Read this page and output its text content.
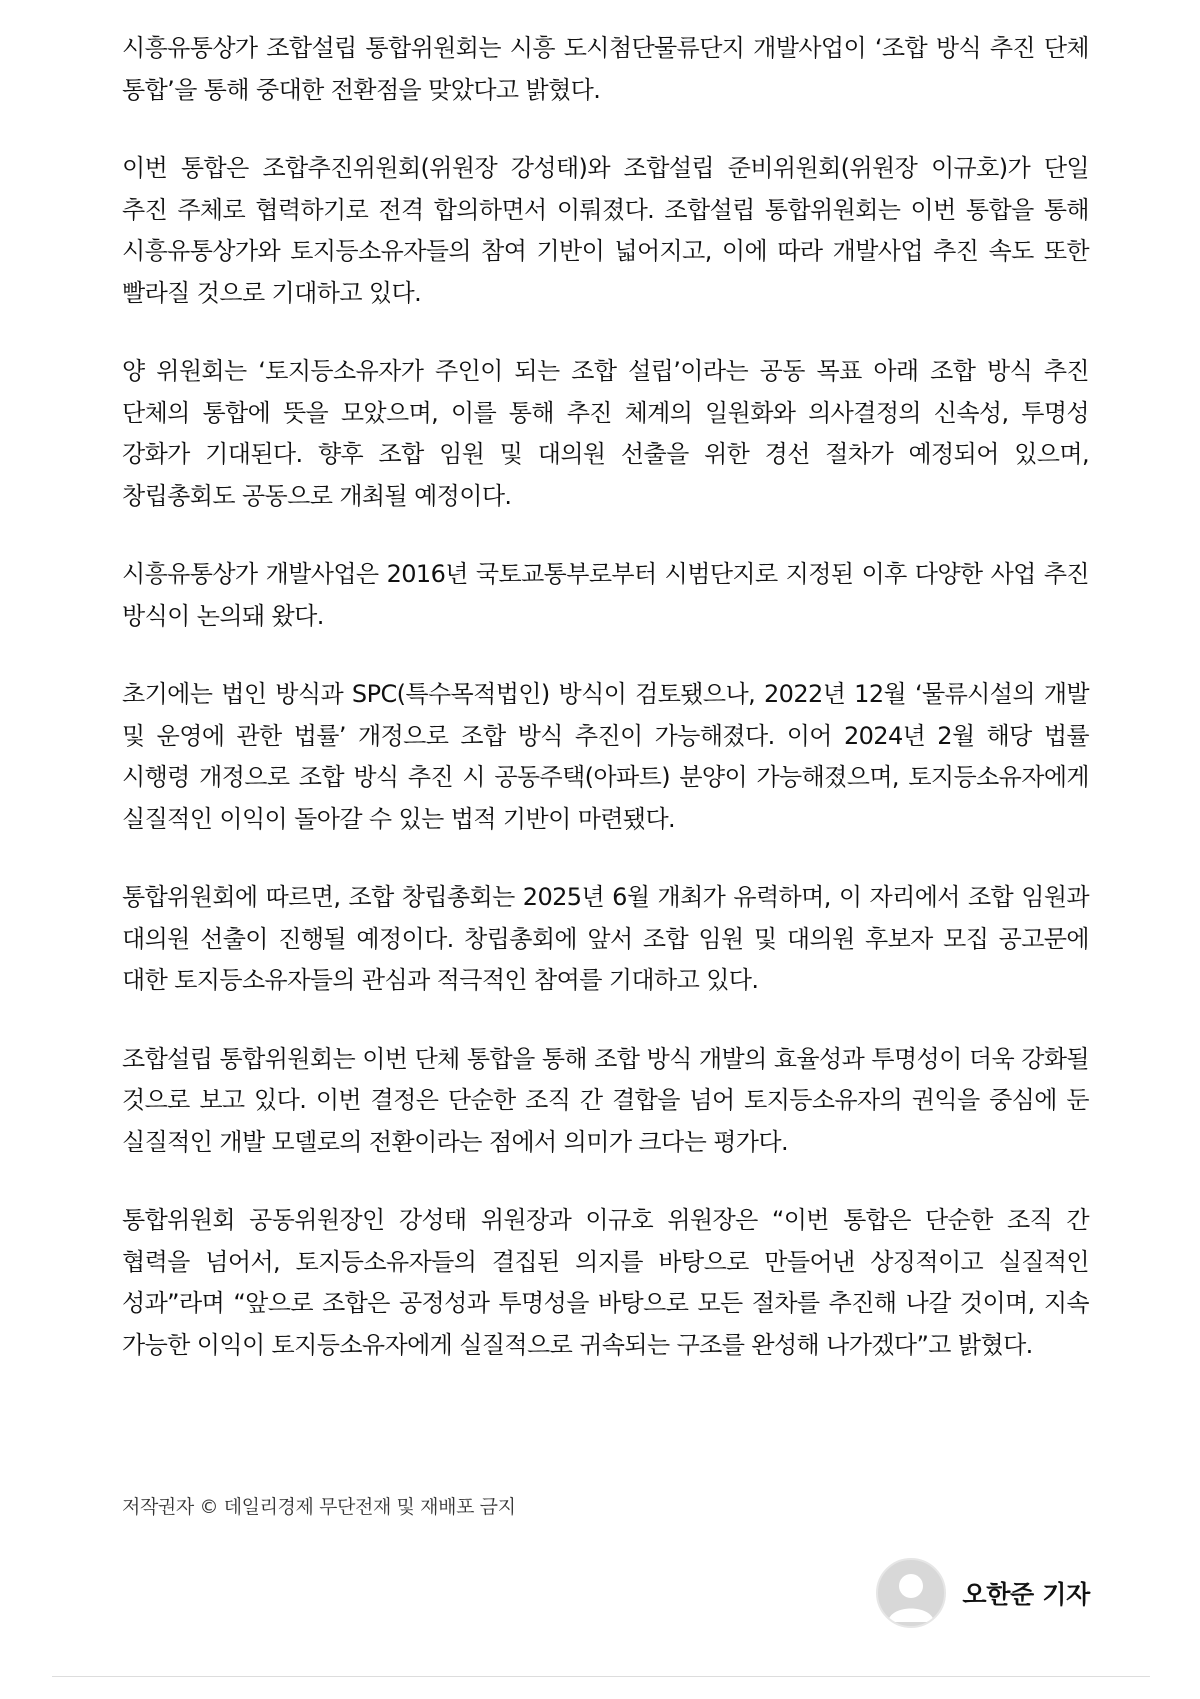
시흥유통상가 조합설립 통합위원회는 시흥 도시첨단물류단지 개발사업이 ‘조합 방식 추진 단체 통합’을 통해 중대한 전환점을 맞았다고 밝혔다.

이번 통합은 조합추진위원회(위원장 강성태)와 조합설립 준비위원회(위원장 이규호)가 단일 추진 주체로 협력하기로 전격 합의하면서 이뤄졌다. 조합설립 통합위원회는 이번 통합을 통해 시흥유통상가와 토지등소유자들의 참여 기반이 넓어지고, 이에 따라 개발사업 추진 속도 또한 빨라질 것으로 기대하고 있다.

양 위원회는 ‘토지등소유자가 주인이 되는 조합 설립’이라는 공동 목표 아래 조합 방식 추진 단체의 통합에 뜻을 모았으며, 이를 통해 추진 체계의 일원화와 의사결정의 신속성, 투명성 강화가 기대된다. 향후 조합 임원 및 대의원 선출을 위한 경선 절차가 예정되어 있으며, 창립총회도 공동으로 개최될 예정이다.

시흥유통상가 개발사업은 2016년 국토교통부로부터 시범단지로 지정된 이후 다양한 사업 추진 방식이 논의돼 왔다.

초기에는 법인 방식과 SPC(특수목적법인) 방식이 검토됐으나, 2022년 12월 ‘물류시설의 개발 및 운영에 관한 법률’ 개정으로 조합 방식 추진이 가능해졌다. 이어 2024년 2월 해당 법률 시행령 개정으로 조합 방식 추진 시 공동주택(아파트) 분양이 가능해졌으며, 토지등소유자에게 실질적인 이익이 돌아갈 수 있는 법적 기반이 마련됐다.

통합위원회에 따르면, 조합 창립총회는 2025년 6월 개최가 유력하며, 이 자리에서 조합 임원과 대의원 선출이 진행될 예정이다. 창립총회에 앞서 조합 임원 및 대의원 후보자 모집 공고문에 대한 토지등소유자들의 관심과 적극적인 참여를 기대하고 있다.

조합설립 통합위원회는 이번 단체 통합을 통해 조합 방식 개발의 효율성과 투명성이 더욱 강화될 것으로 보고 있다. 이번 결정은 단순한 조직 간 결합을 넘어 토지등소유자의 권익을 중심에 둔 실질적인 개발 모델로의 전환이라는 점에서 의미가 크다는 평가다.

통합위원회 공동위원장인 강성태 위원장과 이규호 위원장은 “이번 통합은 단순한 조직 간 협력을 넘어서, 토지등소유자들의 결집된 의지를 바탕으로 만들어낸 상징적이고 실질적인 성과”라며 “앞으로 조합은 공정성과 투명성을 바탕으로 모든 절차를 추진해 나갈 것이며, 지속 가능한 이익이 토지등소유자에게 실질적으로 귀속되는 구조를 완성해 나가겠다”고 밝혔다.

저작권자 © 데일리경제 무단전재 및 재배포 금지
오한준 기자
